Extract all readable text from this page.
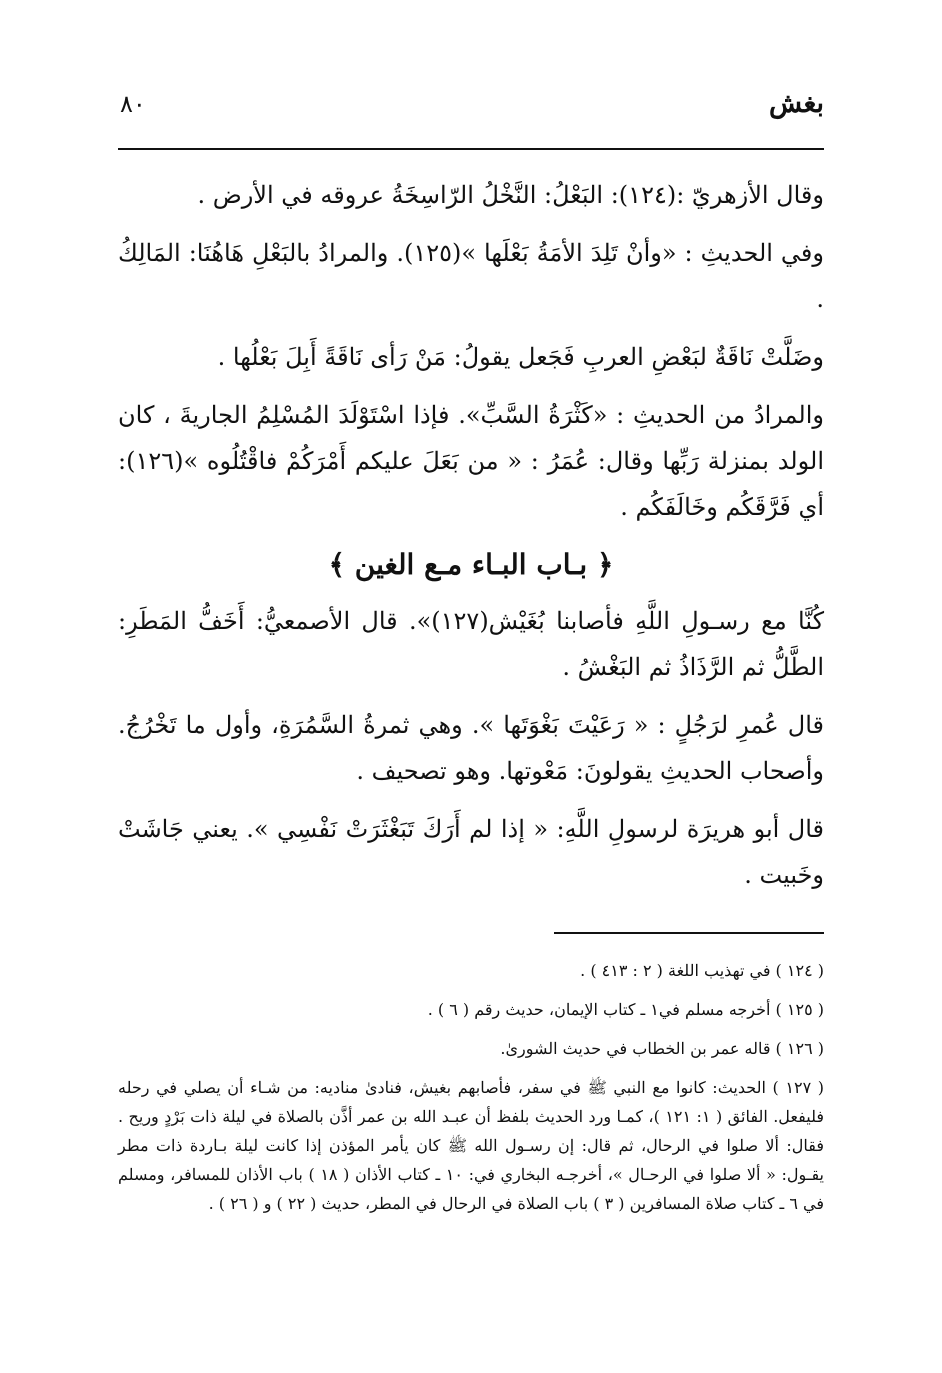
بغش
٨٠

وقال الأزهريّ :(١٢٤): البَعْلُ: النَّخْلُ الرّاسِخَةُ عروقه في الأرض .

وفي الحديثِ : «وأنْ تَلِدَ الأمَةُ بَعْلَها »(١٢٥). والمرادُ بالبَعْلِ هَاهُنَا: المَالِكُ .

وضَلَّتْ نَاقَةٌ لبَعْضِ العربِ فَجَعل يقولُ: مَنْ رَأى نَاقَةً أَبِلَ بَعْلُها .

والمرادُ من الحديثِ : «كَثْرَةُ السَّبِّ». فإذا اسْتَوْلَدَ المُسْلِمُ الجاريةَ ، كان الولد بمنزلة رَبِّها وقال: عُمَرُ : « من بَعَلَ عليكم أَمْرَكُمْ فاقْتُلُوه »(١٢٦): أي فَرَّقَكُم وخَالَفَكُم .

﴿ بـاب البـاء مـع الغين ﴾

كُنَّا مع رسـولِ اللَّهِ فأصابنا بُغَيْش(١٢٧)». قال الأصمعيُّ: أَخَفُّ المَطَرِ: الطَّلُّ ثم الرَّذَاذُ ثم البَغْشُ .

قال عُمرِ لرَجُلٍ : « رَعَيْتَ بَغْوَتَها ». وهي ثمرةُ السَّمُرَةِ، وأول ما تَخْرُجُ. وأصحاب الحديثِ يقولونَ: مَعْوتها. وهو تصحيف .

قال أبو هريرَة لرسولِ اللَّهِ: « إذا لم أَرَكَ تَبَغْثَرَتْ نَفْسِي ». يعني جَاشَتْ وخَبيت .

( ١٢٤ ) في تهذيب اللغة ( ٢ : ٤١٣ ) .

( ١٢٥ ) أخرجه مسلم في١ ـ كتاب الإيمان، حديث رقم ( ٦ ) .

( ١٢٦ ) قاله عمر بن الخطاب في حديث الشورىٰ.

( ١٢٧ ) الحديث: كانوا مع النبي ﷺ في سفر، فأصابهم بغيش، فنادىٰ مناديه: من شـاء أن يصلي في رحله فليفعل. الفائق ( ١: ١٢١ )، كمـا ورد الحديث بلفظ أن عبـد الله بن عمر أذَّن بالصلاة في ليلة ذات بَرْدٍ وريح . فقال: ألا صلوا في الرحال، ثم قال: إن رسـول الله ﷺ كان يأمر المؤذن إذا كانت ليلة بـاردة ذات مطر يقـول: « ألا صلوا في الرحـال »، أخرجـه البخاري في: ١٠ ـ كتاب الأذان ( ١٨ ) باب الأذان للمسافر، ومسلم في ٦ ـ كتاب صلاة المسافرين ( ٣ ) باب الصلاة في الرحال في المطر، حديث ( ٢٢ ) و ( ٢٦ ) .
